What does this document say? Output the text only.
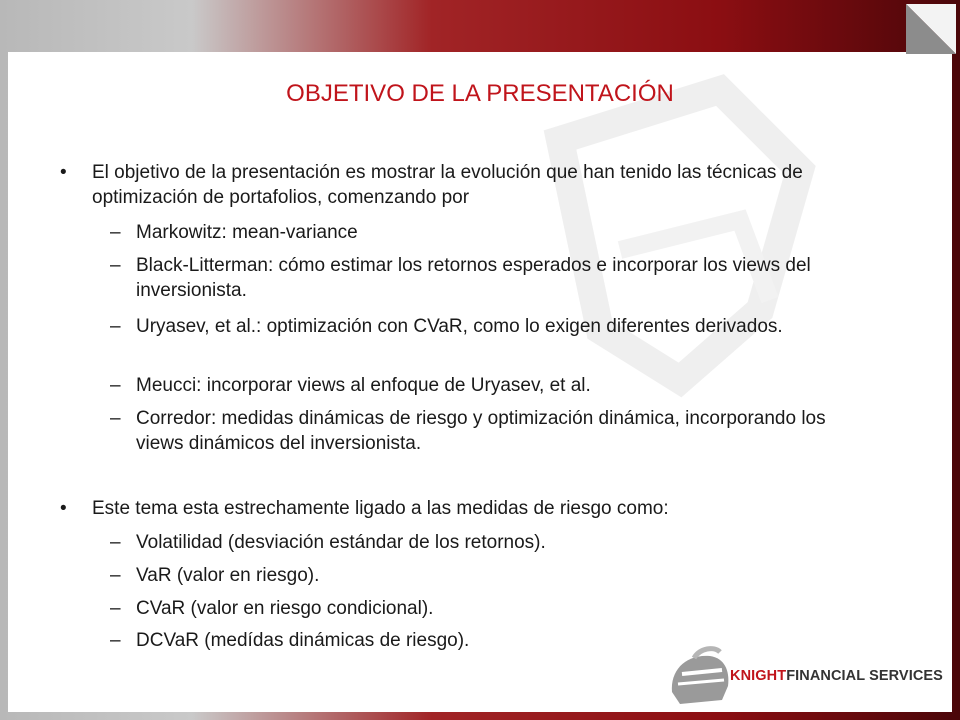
OBJETIVO DE LA PRESENTACIÓN
• El objetivo de la presentación es mostrar la evolución que han tenido las técnicas de optimización de portafolios, comenzando por
– Markowitz: mean-variance
– Black-Litterman: cómo estimar los retornos esperados e incorporar los views del inversionista.
– Uryasev, et al.: optimización con CVaR, como lo exigen diferentes derivados.
– Meucci: incorporar views al enfoque de Uryasev, et al.
– Corredor: medidas dinámicas de riesgo y optimización dinámica, incorporando los views dinámicos del inversionista.
• Este tema esta estrechamente ligado a las medidas de riesgo como:
– Volatilidad (desviación estándar de los retornos).
– VaR (valor en riesgo).
– CVaR (valor en riesgo condicional).
– DCVaR (medídas dinámicas de riesgo).
KNIGHTFINANCIAL SERVICES
